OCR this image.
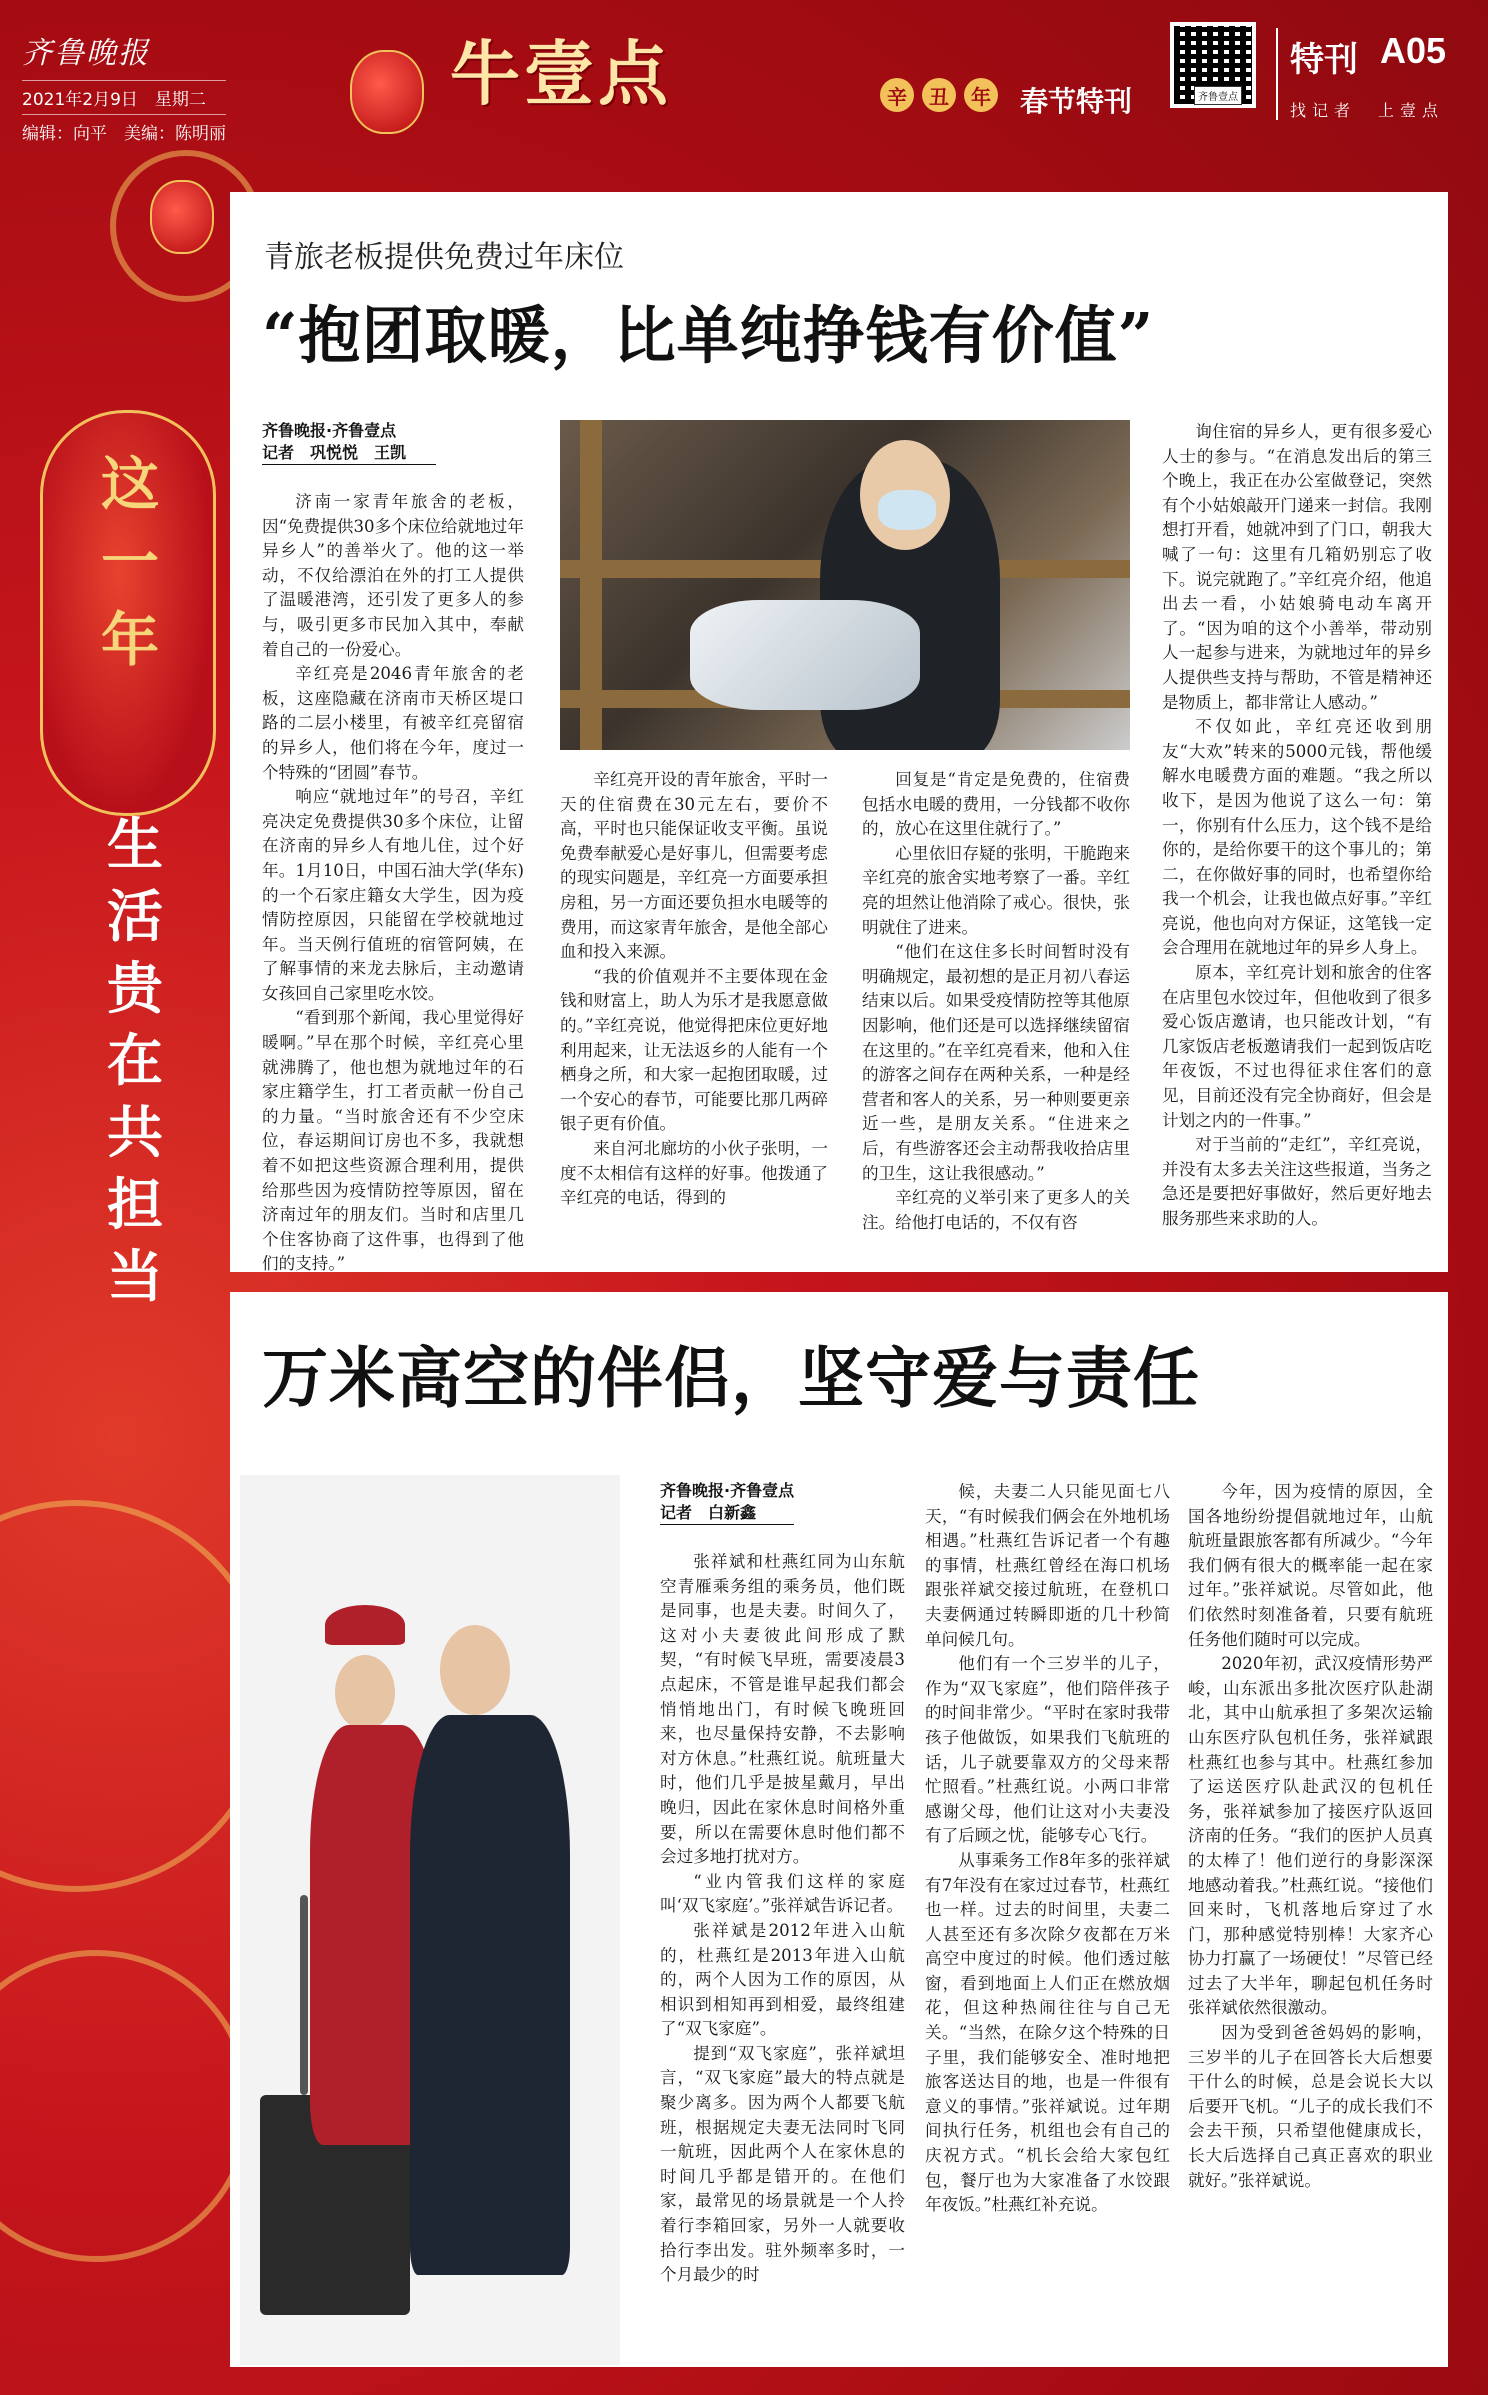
齐鲁晚报
2021年2月9日　星期二
编辑：向平　美编：陈明丽
牛壹点	辛	丑	年 春节特刊	齐鲁壹点
特刊 A05
找记者　上壹点
这一年
生活贵在共担当
青旅老板提供免费过年床位
“抱团取暖，比单纯挣钱有价值”
齐鲁晚报·齐鲁壹点
记者　巩悦悦　王凯

济南一家青年旅舍的老板，因“免费提供30多个床位给就地过年异乡人”的善举火了。他的这一举动，不仅给漂泊在外的打工人提供了温暖港湾，还引发了更多人的参与，吸引更多市民加入其中，奉献着自己的一份爱心。

辛红亮是2046青年旅舍的老板，这座隐藏在济南市天桥区堤口路的二层小楼里，有被辛红亮留宿的异乡人，他们将在今年，度过一个特殊的“团圆”春节。

响应“就地过年”的号召，辛红亮决定免费提供30多个床位，让留在济南的异乡人有地儿住，过个好年。1月10日，中国石油大学(华东)的一个石家庄籍女大学生，因为疫情防控原因，只能留在学校就地过年。当天例行值班的宿管阿姨，在了解事情的来龙去脉后，主动邀请女孩回自己家里吃水饺。

“看到那个新闻，我心里觉得好暖啊。”早在那个时候，辛红亮心里就沸腾了，他也想为就地过年的石家庄籍学生，打工者贡献一份自己的力量。“当时旅舍还有不少空床位，春运期间订房也不多，我就想着不如把这些资源合理利用，提供给那些因为疫情防控等原因，留在济南过年的朋友们。当时和店里几个住客协商了这件事，也得到了他们的支持。”

辛红亮开设的青年旅舍，平时一天的住宿费在30元左右，要价不高，平时也只能保证收支平衡。虽说免费奉献爱心是好事儿，但需要考虑的现实问题是，辛红亮一方面要承担房租，另一方面还要负担水电暖等的费用，而这家青年旅舍，是他全部心血和投入来源。

“我的价值观并不主要体现在金钱和财富上，助人为乐才是我愿意做的。”辛红亮说，他觉得把床位更好地利用起来，让无法返乡的人能有一个栖身之所，和大家一起抱团取暖，过一个安心的春节，可能要比那几两碎银子更有价值。

来自河北廊坊的小伙子张明，一度不太相信有这样的好事。他拨通了辛红亮的电话，得到的

回复是“肯定是免费的，住宿费包括水电暖的费用，一分钱都不收你的，放心在这里住就行了。”

心里依旧存疑的张明，干脆跑来辛红亮的旅舍实地考察了一番。辛红亮的坦然让他消除了戒心。很快，张明就住了进来。

“他们在这住多长时间暂时没有明确规定，最初想的是正月初八春运结束以后。如果受疫情防控等其他原因影响，他们还是可以选择继续留宿在这里的。”在辛红亮看来，他和入住的游客之间存在两种关系，一种是经营者和客人的关系，另一种则要更亲近一些，是朋友关系。“住进来之后，有些游客还会主动帮我收拾店里的卫生，这让我很感动。”

辛红亮的义举引来了更多人的关注。给他打电话的，不仅有咨

询住宿的异乡人，更有很多爱心人士的参与。“在消息发出后的第三个晚上，我正在办公室做登记，突然有个小姑娘敲开门递来一封信。我刚想打开看，她就冲到了门口，朝我大喊了一句：这里有几箱奶别忘了收下。说完就跑了。”辛红亮介绍，他追出去一看，小姑娘骑电动车离开了。“因为咱的这个小善举，带动别人一起参与进来，为就地过年的异乡人提供些支持与帮助，不管是精神还是物质上，都非常让人感动。”

不仅如此，辛红亮还收到朋友“大欢”转来的5000元钱，帮他缓解水电暖费方面的难题。“我之所以收下，是因为他说了这么一句：第一，你别有什么压力，这个钱不是给你的，是给你要干的这个事儿的；第二，在你做好事的同时，也希望你给我一个机会，让我也做点好事。”辛红亮说，他也向对方保证，这笔钱一定会合理用在就地过年的异乡人身上。

原本，辛红亮计划和旅舍的住客在店里包水饺过年，但他收到了很多爱心饭店邀请，也只能改计划，“有几家饭店老板邀请我们一起到饭店吃年夜饭，不过也得征求住客们的意见，目前还没有完全协商好，但会是计划之内的一件事。”

对于当前的“走红”，辛红亮说，并没有太多去关注这些报道，当务之急还是要把好事做好，然后更好地去服务那些来求助的人。

万米高空的伴侣，坚守爱与责任
齐鲁晚报·齐鲁壹点
记者　白新鑫

张祥斌和杜燕红同为山东航空青雁乘务组的乘务员，他们既是同事，也是夫妻。时间久了，这对小夫妻彼此间形成了默契，“有时候飞早班，需要凌晨3点起床，不管是谁早起我们都会悄悄地出门，有时候飞晚班回来，也尽量保持安静，不去影响对方休息。”杜燕红说。航班量大时，他们几乎是披星戴月，早出晚归，因此在家休息时间格外重要，所以在需要休息时他们都不会过多地打扰对方。

“业内管我们这样的家庭叫‘双飞家庭’。”张祥斌告诉记者。

张祥斌是2012年进入山航的，杜燕红是2013年进入山航的，两个人因为工作的原因，从相识到相知再到相爱，最终组建了“双飞家庭”。

提到“双飞家庭”，张祥斌坦言，“双飞家庭”最大的特点就是聚少离多。因为两个人都要飞航班，根据规定夫妻无法同时飞同一航班，因此两个人在家休息的时间几乎都是错开的。在他们家，最常见的场景就是一个人拎着行李箱回家，另外一人就要收拾行李出发。驻外频率多时，一个月最少的时

候，夫妻二人只能见面七八天，“有时候我们俩会在外地机场相遇。”杜燕红告诉记者一个有趣的事情，杜燕红曾经在海口机场跟张祥斌交接过航班，在登机口夫妻俩通过转瞬即逝的几十秒简单问候几句。

他们有一个三岁半的儿子，作为“双飞家庭”，他们陪伴孩子的时间非常少。“平时在家时我带孩子他做饭，如果我们飞航班的话，儿子就要靠双方的父母来帮忙照看。”杜燕红说。小两口非常感谢父母，他们让这对小夫妻没有了后顾之忧，能够专心飞行。

从事乘务工作8年多的张祥斌有7年没有在家过过春节，杜燕红也一样。过去的时间里，夫妻二人甚至还有多次除夕夜都在万米高空中度过的时候。他们透过舷窗，看到地面上人们正在燃放烟花，但这种热闹往往与自己无关。“当然，在除夕这个特殊的日子里，我们能够安全、准时地把旅客送达目的地，也是一件很有意义的事情。”张祥斌说。过年期间执行任务，机组也会有自己的庆祝方式。“机长会给大家包红包，餐厅也为大家准备了水饺跟年夜饭。”杜燕红补充说。

今年，因为疫情的原因，全国各地纷纷提倡就地过年，山航航班量跟旅客都有所减少。“今年我们俩有很大的概率能一起在家过年。”张祥斌说。尽管如此，他们依然时刻准备着，只要有航班任务他们随时可以完成。

2020年初，武汉疫情形势严峻，山东派出多批次医疗队赴湖北，其中山航承担了多架次运输山东医疗队包机任务，张祥斌跟杜燕红也参与其中。杜燕红参加了运送医疗队赴武汉的包机任务，张祥斌参加了接医疗队返回济南的任务。“我们的医护人员真的太棒了！他们逆行的身影深深地感动着我。”杜燕红说。“接他们回来时，飞机落地后穿过了水门，那种感觉特别棒！大家齐心协力打赢了一场硬仗！”尽管已经过去了大半年，聊起包机任务时张祥斌依然很激动。

因为受到爸爸妈妈的影响，三岁半的儿子在回答长大后想要干什么的时候，总是会说长大以后要开飞机。“儿子的成长我们不会去干预，只希望他健康成长，长大后选择自己真正喜欢的职业就好。”张祥斌说。
